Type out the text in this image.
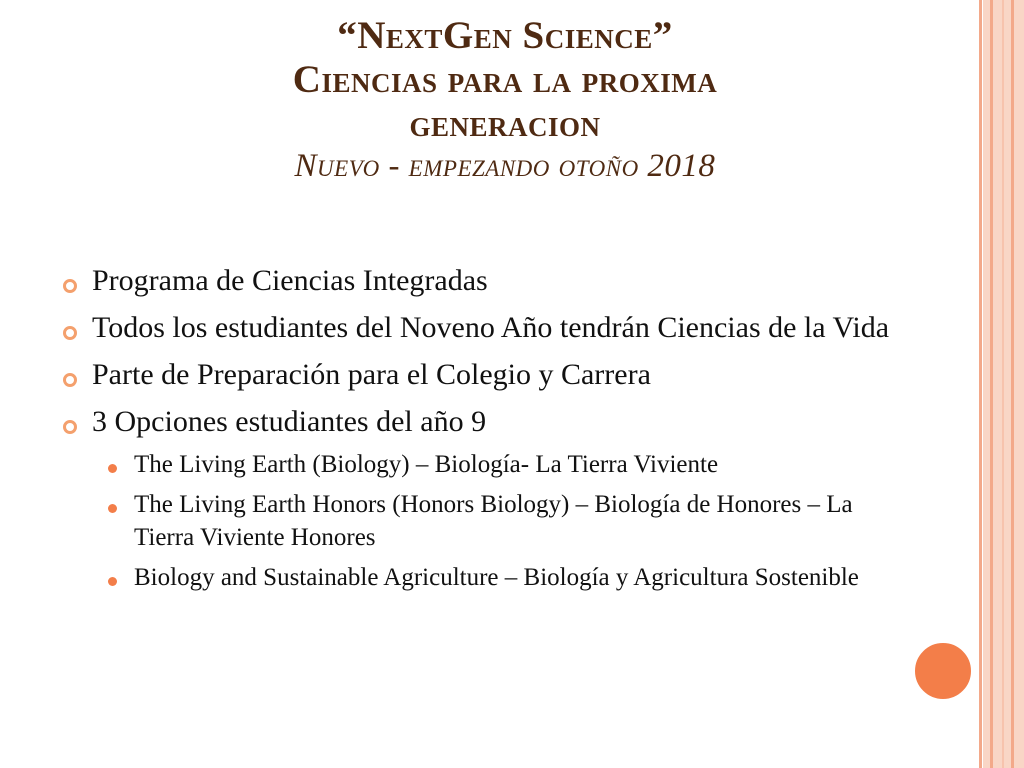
“NextGen Science”
Ciencias para la proxima
generacion
Nuevo - empezando otoño 2018
Programa de Ciencias Integradas
Todos los estudiantes del Noveno Año tendrán Ciencias de la Vida
Parte de Preparación para el Colegio y Carrera
3 Opciones estudiantes del año 9
The Living Earth (Biology) – Biología- La Tierra Viviente
The Living Earth Honors (Honors Biology) – Biología de Honores – La Tierra Viviente Honores
Biology and Sustainable Agriculture – Biología y Agricultura Sostenible
